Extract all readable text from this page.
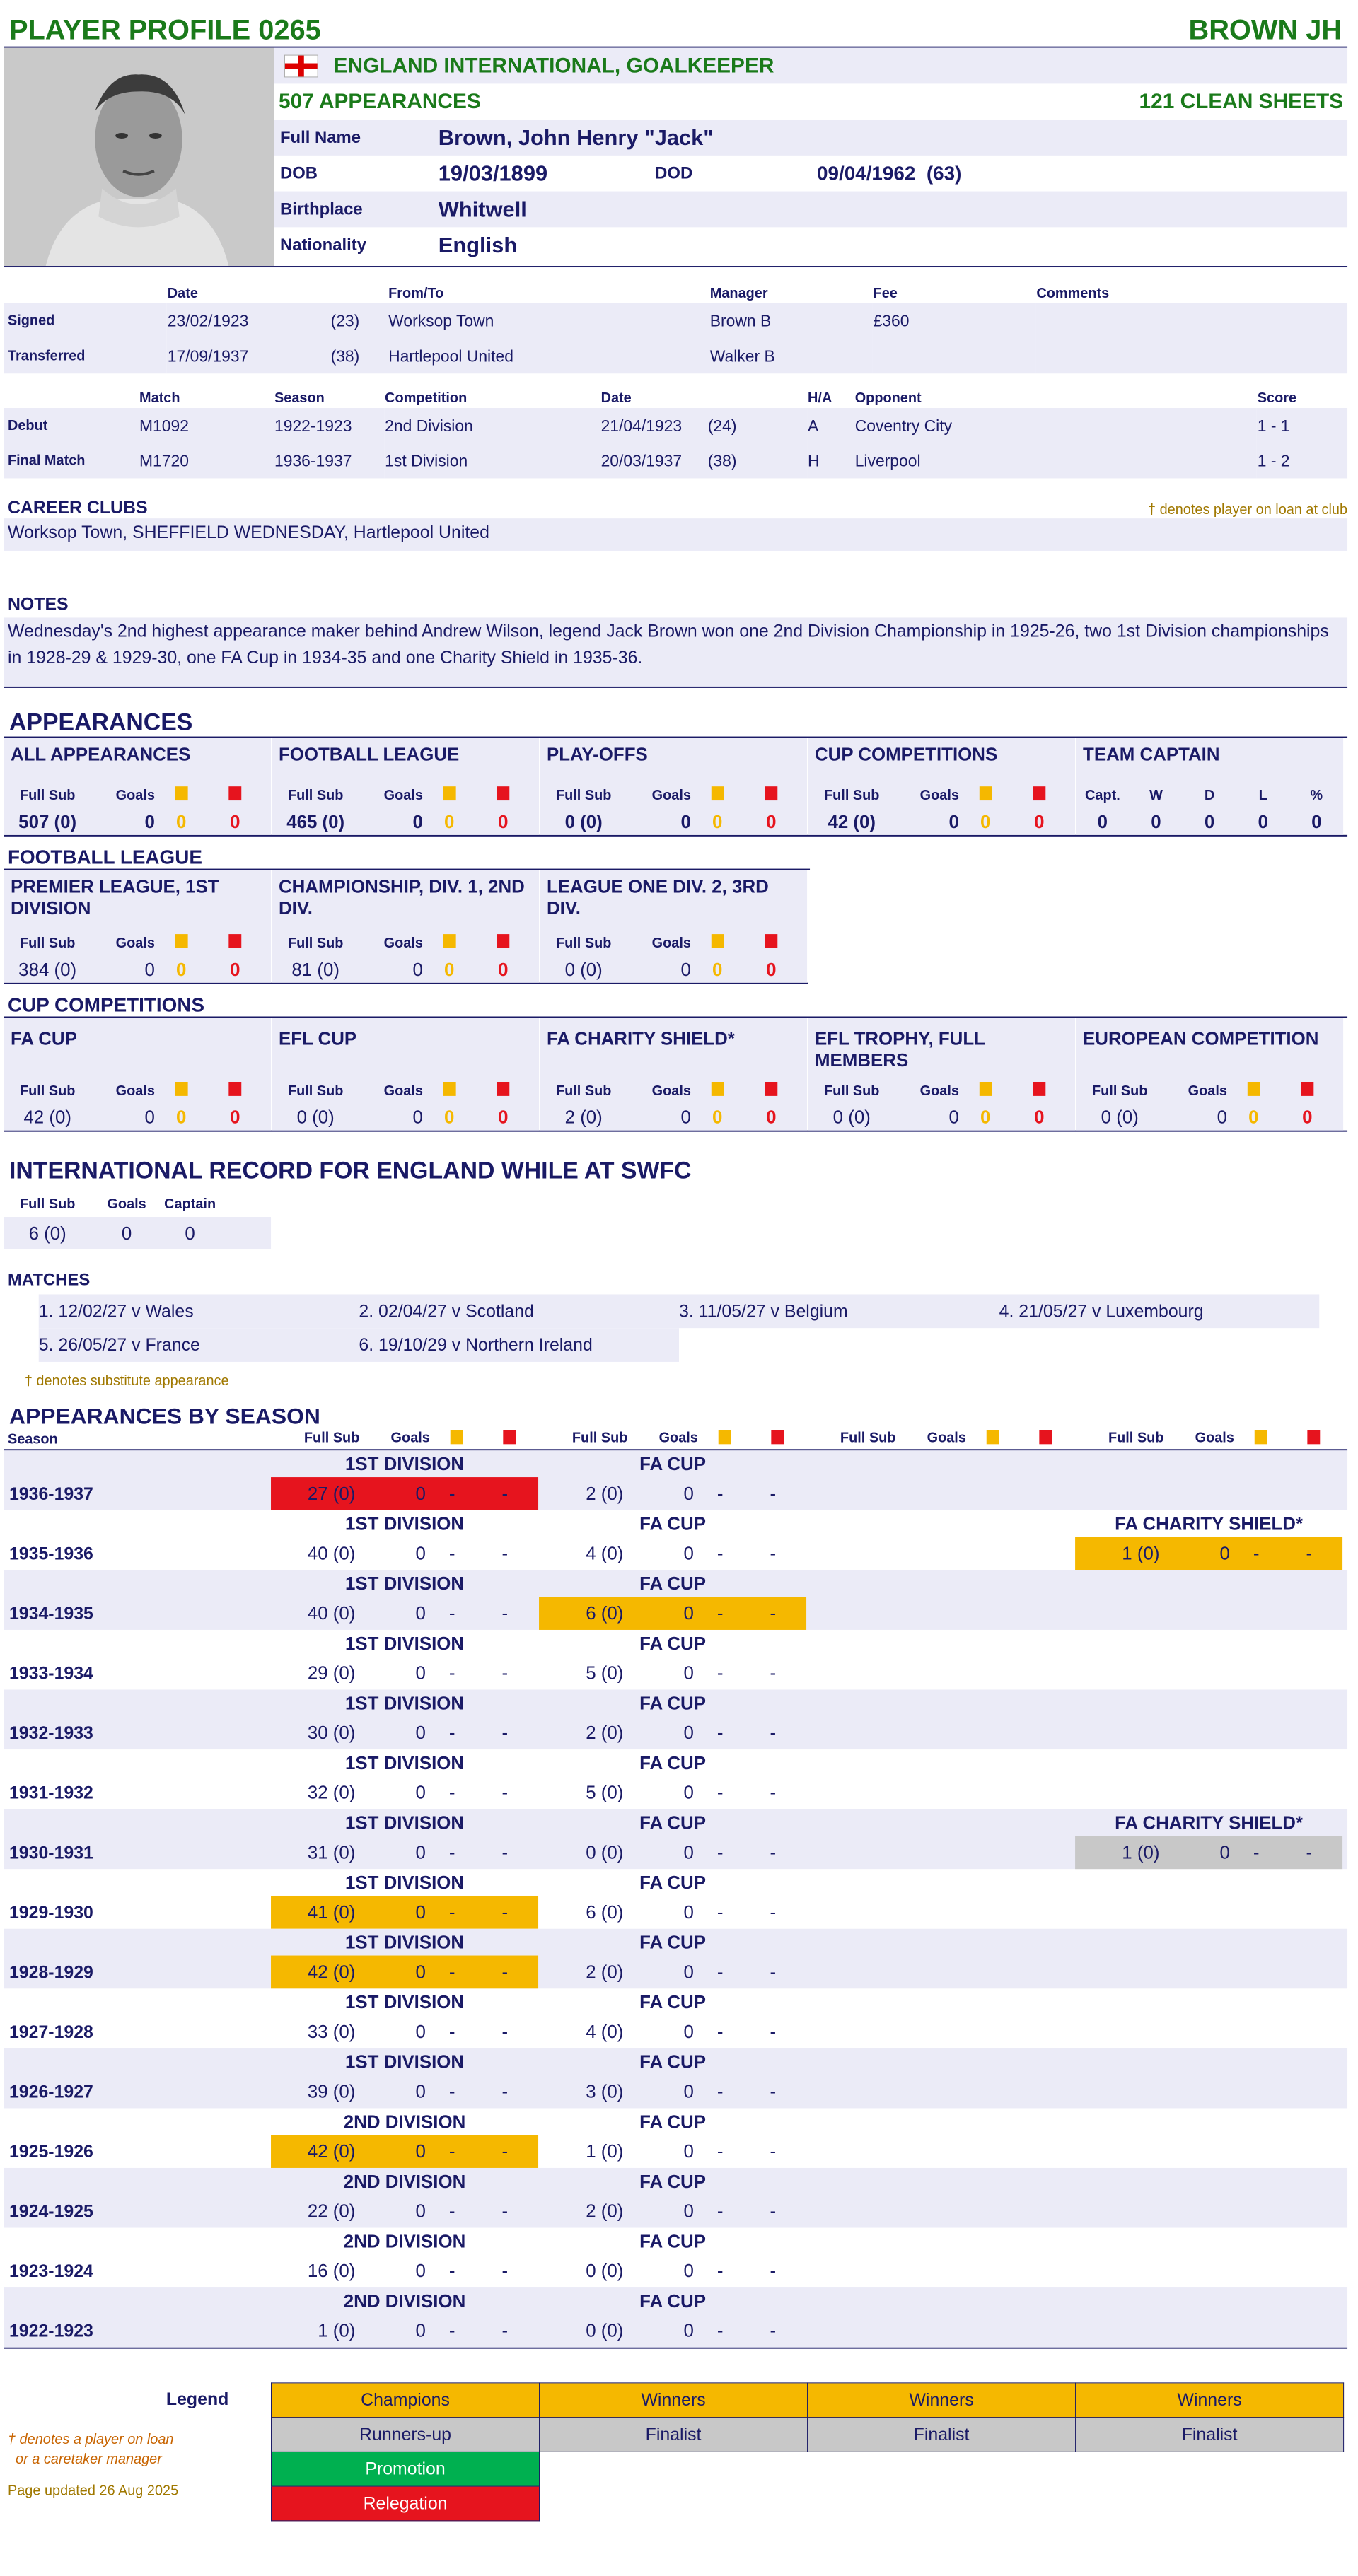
PLAYER PROFILE 0265	BROWN JH
ENGLAND INTERNATIONAL, GOALKEEPER
507 APPEARANCES	121 CLEAN SHEETS
Full Name	Brown, John Henry "Jack"
DOB	19/03/1899	DOD	09/04/1962  (63)
Birthplace	Whitwell
Nationality	English
	Date		From/To	Manager	Fee	Comments
Signed	23/02/1923	(23)	Worksop Town	Brown B	£360	
Transferred	17/09/1937	(38)	Hartlepool United	Walker B		
	Match	Season	Competition	Date		H/A	Opponent	Score
Debut	M1092	1922-1923	2nd Division	21/04/1923	(24)	A	Coventry City	1 - 1
Final Match	M1720	1936-1937	1st Division	20/03/1937	(38)	H	Liverpool	1 - 2
CAREER CLUBS	† denotes player on loan at club
Worksop Town, SHEFFIELD WEDNESDAY, Hartlepool United
NOTES
Wednesday's 2nd highest appearance maker behind Andrew Wilson, legend Jack Brown won one 2nd Division Championship in 1925-26, two 1st Division championships in 1928-29 & 1929-30, one FA Cup in 1934-35 and one Charity Shield in 1935-36.
APPEARANCES
ALL APPEARANCES
Full Sub	Goals
507 (0)	0	0	0
FOOTBALL LEAGUE
Full Sub	Goals
465 (0)	0	0	0
PLAY-OFFS
Full Sub	Goals
0 (0)	0	0	0
CUP COMPETITIONS
Full Sub	Goals
42 (0)	0	0	0
TEAM CAPTAIN
Capt.	W	D	L	%
0	0	0	0	0
FOOTBALL LEAGUE
PREMIER LEAGUE, 1ST DIVISION
Full Sub	Goals
384 (0)	0	0	0
CHAMPIONSHIP, DIV. 1, 2ND DIV.
Full Sub	Goals
81 (0)	0	0	0
LEAGUE ONE DIV. 2, 3RD DIV.
Full Sub	Goals
0 (0)	0	0	0
CUP COMPETITIONS
FA CUP
Full Sub	Goals
42 (0)	0	0	0
EFL CUP
Full Sub	Goals
0 (0)	0	0	0
FA CHARITY SHIELD*
Full Sub	Goals
2 (0)	0	0	0
EFL TROPHY, FULL MEMBERS
Full Sub	Goals
0 (0)	0	0	0
EUROPEAN COMPETITION
Full Sub	Goals
0 (0)	0	0	0
INTERNATIONAL RECORD FOR ENGLAND WHILE AT SWFC
Full Sub	Goals	Captain
6 (0)	0	0
MATCHES
1. 12/02/27 v Wales	2. 02/04/27 v Scotland	3. 11/05/27 v Belgium	4. 21/05/27 v Luxembourg
5. 26/05/27 v France	6. 19/10/29 v Northern Ireland
† denotes substitute appearance
APPEARANCES BY SEASON
Season	Full Sub	Goals	Full Sub	Goals	Full Sub	Goals	Full Sub	Goals
1936-1937
1ST DIVISION
27 (0)	0	-	-
FA CUP
2 (0)	0	-	-
1935-1936
1ST DIVISION
40 (0)	0	-	-
FA CUP
4 (0)	0	-	-
FA CHARITY SHIELD*
1 (0)	0	-	-
1934-1935
1ST DIVISION
40 (0)	0	-	-
FA CUP
6 (0)	0	-	-
1933-1934
1ST DIVISION
29 (0)	0	-	-
FA CUP
5 (0)	0	-	-
1932-1933
1ST DIVISION
30 (0)	0	-	-
FA CUP
2 (0)	0	-	-
1931-1932
1ST DIVISION
32 (0)	0	-	-
FA CUP
5 (0)	0	-	-
1930-1931
1ST DIVISION
31 (0)	0	-	-
FA CUP
0 (0)	0	-	-
FA CHARITY SHIELD*
1 (0)	0	-	-
1929-1930
1ST DIVISION
41 (0)	0	-	-
FA CUP
6 (0)	0	-	-
1928-1929
1ST DIVISION
42 (0)	0	-	-
FA CUP
2 (0)	0	-	-
1927-1928
1ST DIVISION
33 (0)	0	-	-
FA CUP
4 (0)	0	-	-
1926-1927
1ST DIVISION
39 (0)	0	-	-
FA CUP
3 (0)	0	-	-
1925-1926
2ND DIVISION
42 (0)	0	-	-
FA CUP
1 (0)	0	-	-
1924-1925
2ND DIVISION
22 (0)	0	-	-
FA CUP
2 (0)	0	-	-
1923-1924
2ND DIVISION
16 (0)	0	-	-
FA CUP
0 (0)	0	-	-
1922-1923
2ND DIVISION
1 (0)	0	-	-
FA CUP
0 (0)	0	-	-
Legend
† denotes a player on loan
or a caretaker manager
Page updated 26 Aug 2025
Champions	Winners	Winners	Winners
Runners-up	Finalist	Finalist	Finalist
Promotion			
Relegation			
